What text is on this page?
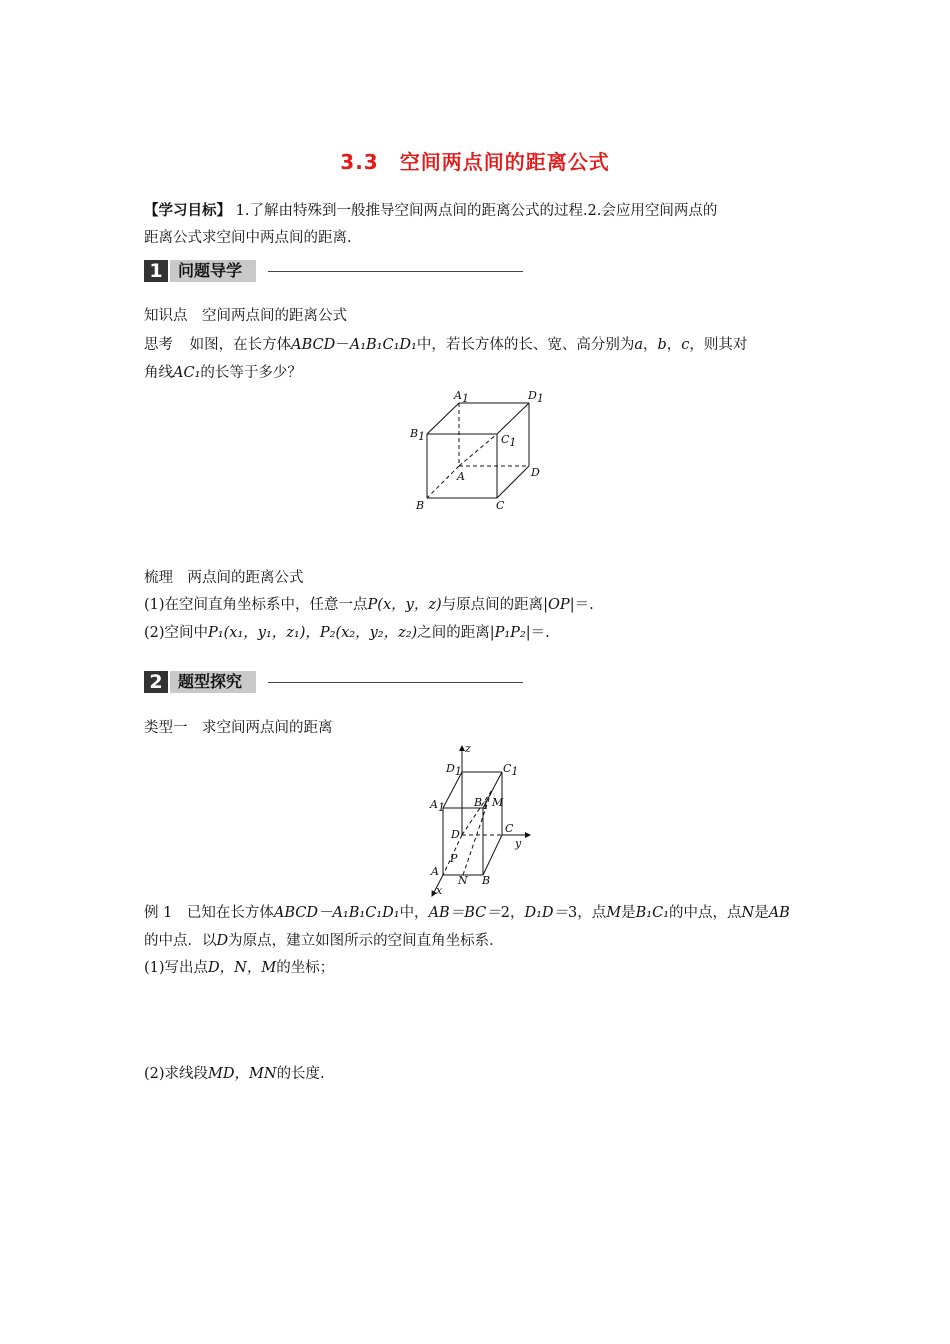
3.3　空间两点间的距离公式
【学习目标】 1.了解由特殊到一般推导空间两点间的距离公式的过程.2.会应用空间两点的
距离公式求空间中两点间的距离.
1 问题导学
知识点　空间两点间的距离公式
思考 如图，在长方体ABCD－A₁B₁C₁D₁中，若长方体的长、宽、高分别为a，b，c，则其对
角线AC₁的长等于多少？
A1	D1
B1	C1
A	D
B	C
梳理　两点间的距离公式
(1)在空间直角坐标系中，任意一点P(x，y，z)与原点间的距离|OP|＝.
(2)空间中P₁(x₁，y₁，z₁)，P₂(x₂，y₂，z₂)之间的距离|P₁P₂|＝.
2 题型探究
类型一　求空间两点间的距离
z
y
x
D1	C1
A1	B1 M
D	C
P
A
N B
例 1　已知在长方体ABCD－A₁B₁C₁D₁中，AB＝BC＝2，D₁D＝3，点M是B₁C₁的中点，点N是AB
的中点．以D为原点，建立如图所示的空间直角坐标系．
(1)写出点D，N，M的坐标；
(2)求线段MD，MN的长度.
